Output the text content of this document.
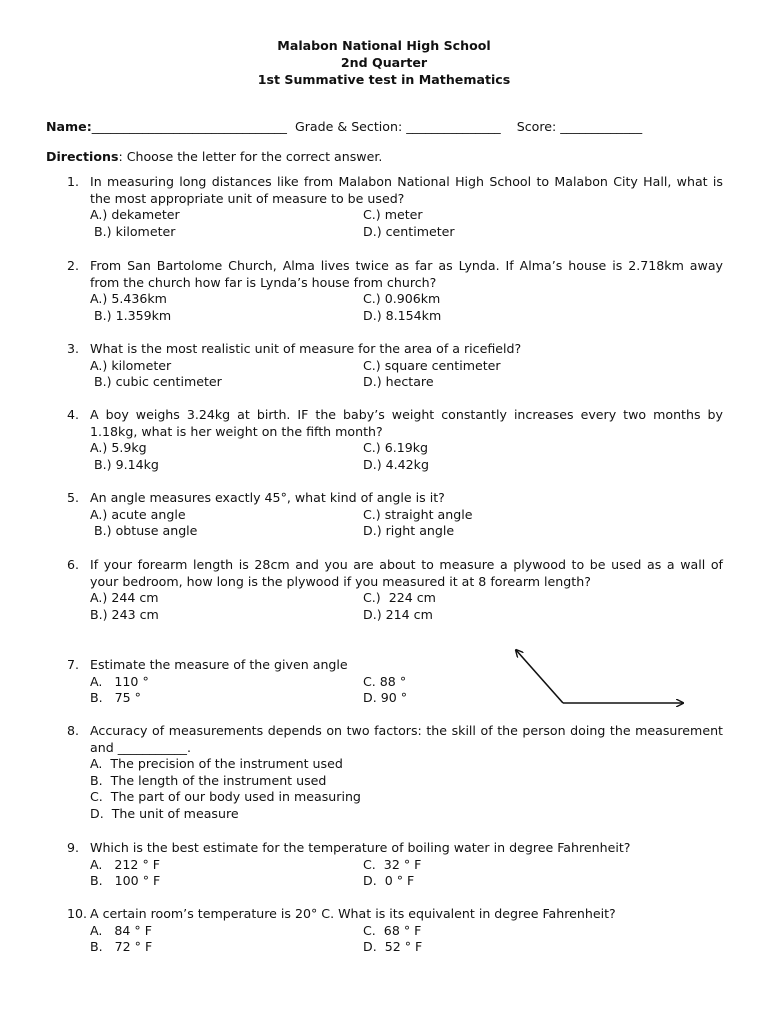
Malabon National High School
2nd Quarter
1st Summative test in Mathematics
Name:_______________________________ Grade & Section: _______________ Score: _____________
Directions: Choose the letter for the correct answer.
1. In measuring long distances like from Malabon National High School to Malabon City Hall, what is the most appropriate unit of measure to be used?
A.) dekameter	C.) meter
B.) kilometer	D.) centimeter
2. From San Bartolome Church, Alma lives twice as far as Lynda. If Alma’s house is 2.718km away from the church how far is Lynda’s house from church?
A.) 5.436km	C.) 0.906km
B.) 1.359km	D.) 8.154km
3. What is the most realistic unit of measure for the area of a ricefield?
A.) kilometer	C.) square centimeter
B.) cubic centimeter	D.) hectare
4. A boy weighs 3.24kg at birth. IF the baby’s weight constantly increases every two months by 1.18kg, what is her weight on the fifth month?
A.) 5.9kg	C.) 6.19kg
B.) 9.14kg	D.) 4.42kg
5. An angle measures exactly 45°, what kind of angle is it?
A.) acute angle	C.) straight angle
B.) obtuse angle	D.) right angle
6. If your forearm length is 28cm and you are about to measure a plywood to be used as a wall of your bedroom, how long is the plywood if you measured it at 8 forearm length?
A.) 244 cm	C.)  224 cm
B.) 243 cm	D.) 214 cm
7. Estimate the measure of the given angle
A.   110 °	C. 88 °
B.   75 °	D. 90 °
8. Accuracy of measurements depends on two factors: the skill of the person doing the measurement and ___________.
A.  The precision of the instrument used
B.  The length of the instrument used
C.  The part of our body used in measuring
D.  The unit of measure
9. Which is the best estimate for the temperature of boiling water in degree Fahrenheit?
A.   212 ° F	C.  32 ° F
B.   100 ° F	D.  0 ° F
10. A certain room’s temperature is 20° C. What is its equivalent in degree Fahrenheit?
A.   84 ° F	C.  68 ° F
B.   72 ° F	D.  52 ° F
